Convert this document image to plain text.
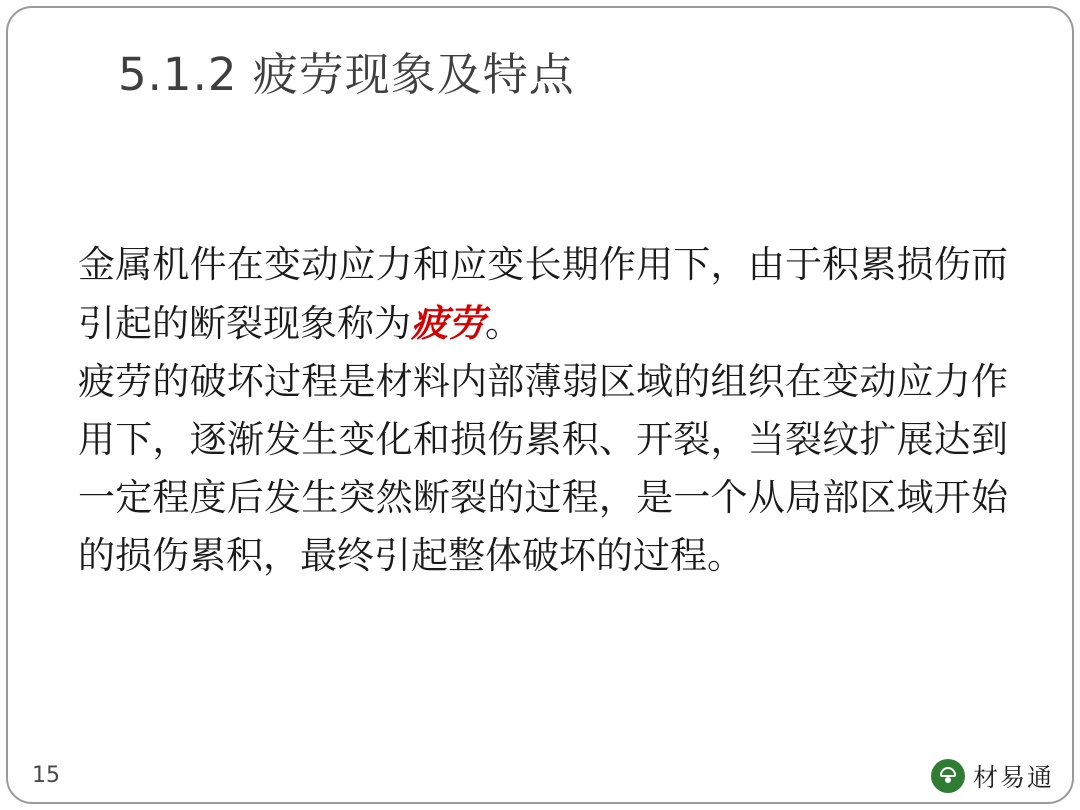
5.1.2 疲劳现象及特点

金属机件在变动应力和应变长期作用下，由于积累损伤而引起的断裂现象称为疲劳。

疲劳的破坏过程是材料内部薄弱区域的组织在变动应力作用下，逐渐发生变化和损伤累积、开裂，当裂纹扩展达到一定程度后发生突然断裂的过程，是一个从局部区域开始的损伤累积，最终引起整体破坏的过程。

15	材易通
